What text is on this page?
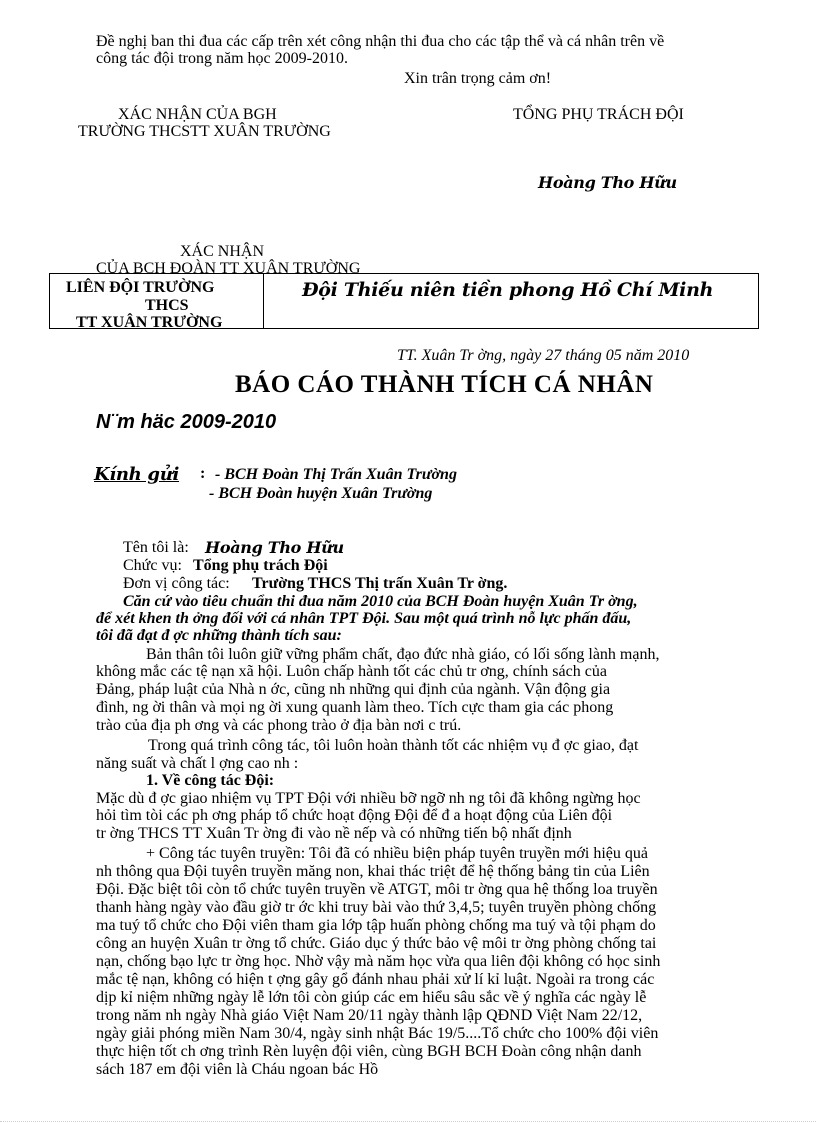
Đề nghị ban thi đua các cấp trên xét công nhận thi đua cho các tập thể và cá nhân trên về
công tác đội trong năm học 2009-2010.
Xin trân trọng cảm ơn!
XÁC NHẬN CỦA BGH
TRƯỜNG THCSTT XUÂN TRƯỜNG
TỔNG PHỤ TRÁCH ĐỘI
Hoàng Tho Hữu
XÁC NHẬN
CỦA BCH ĐOÀN TT XUÂN TRƯỜNG
LIÊN ĐỘI TRƯỜNG
THCS
TT XUÂN TRƯỜNG
Đội Thiếu niên tiền phong Hồ Chí Minh
TT. Xuân Tr ờng, ngày 27 tháng 05 năm 2010
BÁO CÁO THÀNH TÍCH CÁ NHÂN
N¨m häc 2009-2010
Kính gửi : - BCH Đoàn Thị Trấn Xuân Trường
- BCH Đoàn huyện Xuân Trường
Tên tôi là: Hoàng Tho Hữu
Chức vụ: Tổng phụ trách Đội
Đơn vị công tác: Trường THCS Thị trấn Xuân Tr ờng.
Căn cứ vào tiêu chuẩn thi đua năm 2010 của BCH Đoàn huyện Xuân Tr ờng,
để xét khen th ởng đối với cá nhân TPT Đội. Sau một quá trình nỗ lực phấn đấu,
tôi đã đạt đ ợc những thành tích sau:
Bản thân tôi luôn giữ vững phẩm chất, đạo đức nhà giáo, có lối sống lành mạnh,
không mắc các tệ nạn xã hội. Luôn chấp hành tốt các chủ tr ơng, chính sách của
Đảng, pháp luật của Nhà n ớc, cũng nh những qui định của ngành. Vận động gia
đình, ng ời thân và mọi ng ời xung quanh làm theo. Tích cực tham gia các phong
trào của địa ph ơng và các phong trào ở địa bàn nơi c trú.
Trong quá trình công tác, tôi luôn hoàn thành tốt các nhiệm vụ đ ợc giao, đạt
năng suất và chất l ợng cao nh :
1. Về công tác Đội:
Mặc dù đ ợc giao nhiệm vụ TPT Đội với nhiều bỡ ngỡ nh ng tôi đã không ngừng học
hỏi tìm tòi các ph ơng pháp tổ chức hoạt động Đội để đ a hoạt động của Liên đội
tr ờng THCS TT Xuân Tr ờng đi vào nề nếp và có những tiến bộ nhất định
+ Công tác tuyên truyền: Tôi đã có nhiều biện pháp tuyên truyền mới hiệu quả
nh thông qua Đội tuyên truyền măng non, khai thác triệt để hệ thống bảng tin của Liên
Đội. Đặc biệt tôi còn tổ chức tuyên truyền về ATGT, môi tr ờng qua hệ thống loa truyền
thanh hàng ngày vào đầu giờ tr ớc khi truy bài vào thứ 3,4,5; tuyên truyền phòng chống
ma tuý tổ chức cho Đội viên tham gia lớp tập huấn phòng chống ma tuý và tội phạm do
công an huyện Xuân tr ờng tổ chức. Giáo dục ý thức bảo vệ môi tr ờng phòng chống tai
nạn, chống bạo lực tr ờng học. Nhờ vậy mà năm học vừa qua liên đội không có học sinh
mắc tệ nạn, không có hiện t ợng gây gổ đánh nhau phải xử lí kỉ luật. Ngoài ra trong các
dịp kỉ niệm những ngày lễ lớn tôi còn giúp các em hiểu sâu sắc về ý nghĩa các ngày lễ
trong năm nh ngày Nhà giáo Việt Nam 20/11 ngày thành lập QĐND Việt Nam 22/12,
ngày giải phóng miền Nam 30/4, ngày sinh nhật Bác 19/5....Tổ chức cho 100% đội viên
thực hiện tốt ch ơng trình Rèn luyện đội viên, cùng BGH BCH Đoàn công nhận danh
sách 187 em đội viên là Cháu ngoan bác Hồ
